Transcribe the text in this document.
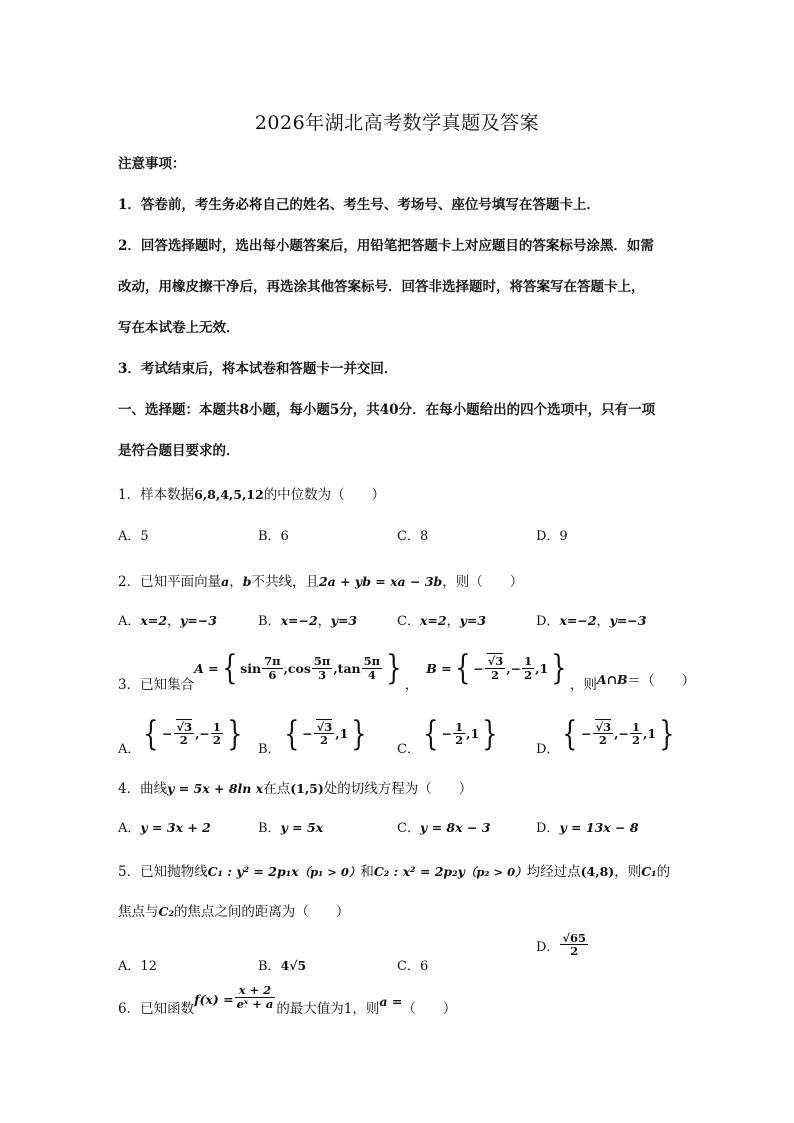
2026年湖北高考数学真题及答案
注意事项：
1．答卷前，考生务必将自己的姓名、考生号、考场号、座位号填写在答题卡上．
2．回答选择题时，选出每小题答案后，用铅笔把答题卡上对应题目的答案标号涂黑．如需
改动，用橡皮擦干净后，再选涂其他答案标号．回答非选择题时，将答案写在答题卡上，
写在本试卷上无效．
3．考试结束后，将本试卷和答题卡一并交回．
一、选择题：本题共8小题，每小题5分，共40分．在每小题给出的四个选项中，只有一项
是符合题目要求的．
1．样本数据6,8,4,5,12的中位数为（　　）
A．5	B．6	C．8	D．9
2．已知平面向量a，b不共线，且2a + yb = xa − 3b，则（　　）
A．x=2，y=−3	B．x=−2，y=3	C．x=2，y=3	D．x=−2，y=−3
3．已知集合
A = { $\sin \frac{7\pi}{6} ,\cos \frac{5\pi}{3} ,\tan \frac{5\pi}{4}$ } ，
B = { − $\frac{√3}{2}$ ,− $\frac{1}{2} ,1$ } ，则 A∩B ＝（　　）
A． { − $\frac{√3}{2}$ ,− $\frac{1}{2}$ } B． { − $\frac{√3}{2} ,1$ } C． { − $\frac{1}{2} ,1$ }	D． { − $\frac{√3}{2}$ ,− $\frac{1}{2} ,1$ }
4．曲线y = 5x + 8ln x在点(1,5)处的切线方程为（　　）
A．y = 3x + 2	B．y = 5x	C．y = 8x − 3	D．y = 13x − 8
5．已知抛物线C₁ : y² = 2p₁x（p₁ > 0）和C₂ : x² = 2p₂y（p₂ > 0）均经过点(4,8)，则C₁的
焦点与C₂的焦点之间的距离为（　　）
A．12	B．4√5	C．6
D． $\frac{√65}{2}$
6．已知函数
$f(x) = \frac{x + 2}{\text{eˣ + a}}$ 的最大值为1，则 a = （　　）
